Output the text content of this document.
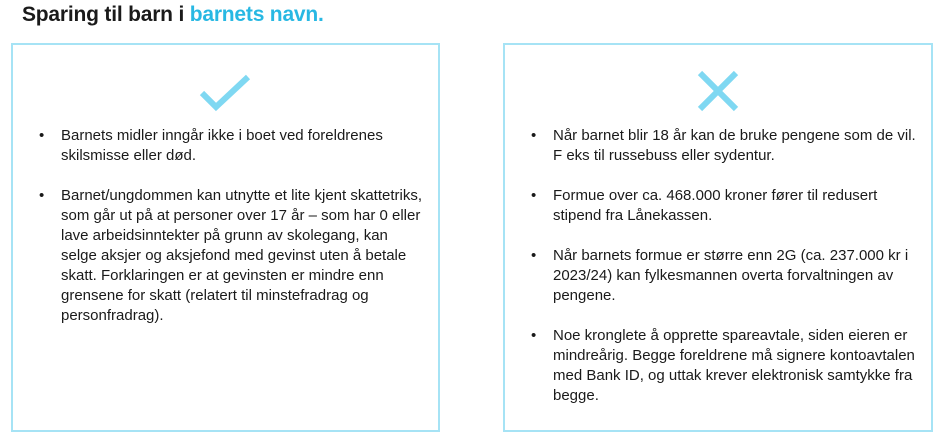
Sparing til barn i barnets navn.
• Barnets midler inngår ikke i boet ved foreldrenes skilsmisse eller død.
• Barnet/ungdommen kan utnytte et lite kjent skattetriks, som går ut på at personer over 17 år – som har 0 eller lave arbeidsinntekter på grunn av skolegang, kan selge aksjer og aksjefond med gevinst uten å betale skatt. Forklaringen er at gevinsten er mindre enn grensene for skatt (relatert til minstefradrag og personfradrag).
• Når barnet blir 18 år kan de bruke pengene som de vil. F eks til russebuss eller sydentur.
• Formue over ca. 468.000 kroner fører til redusert stipend fra Lånekassen.
• Når barnets formue er større enn 2G (ca. 237.000 kr i 2023/24) kan fylkesmannen overta forvaltningen av pengene.
• Noe kronglete å opprette spareavtale, siden eieren er mindreårig. Begge foreldrene må signere kontoavtalen med Bank ID, og uttak krever elektronisk samtykke fra begge.
